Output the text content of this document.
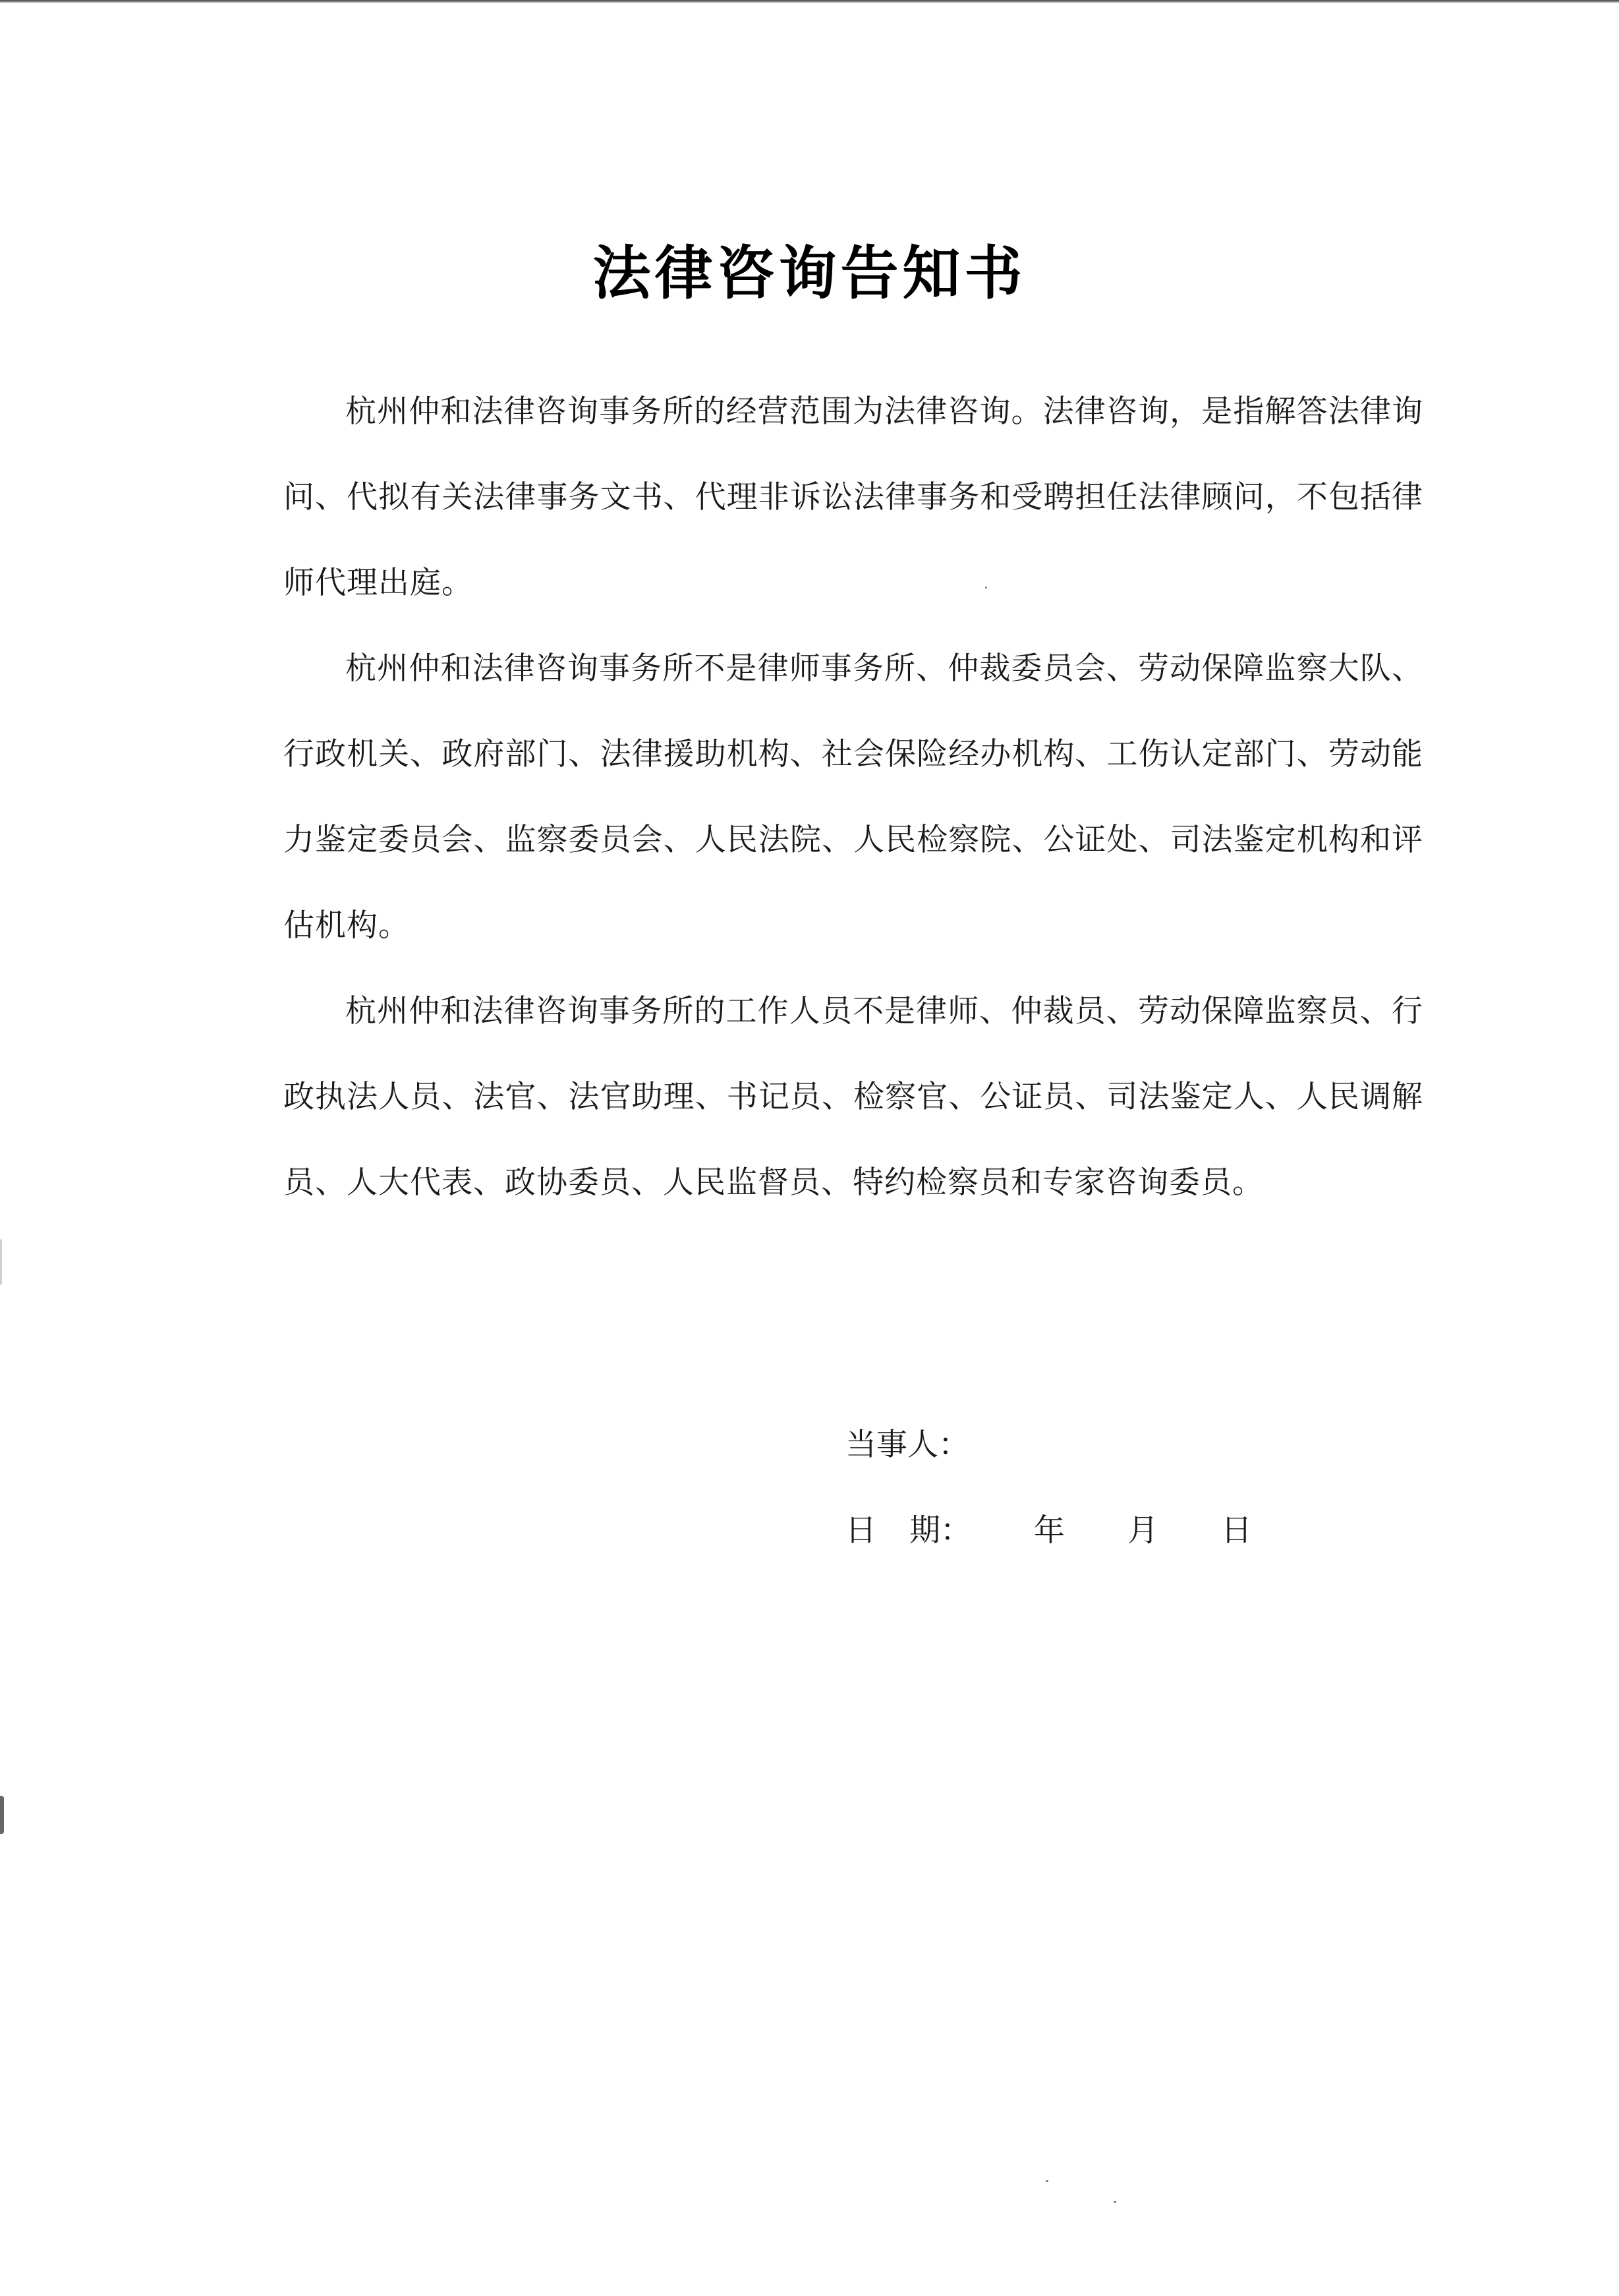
法律咨询告知书

杭州仲和法律咨询事务所的经营范围为法律咨询。法律咨询，是指解答法律询问、代拟有关法律事务文书、代理非诉讼法律事务和受聘担任法律顾问，不包括律师代理出庭。

杭州仲和法律咨询事务所不是律师事务所、仲裁委员会、劳动保障监察大队、行政机关、政府部门、法律援助机构、社会保险经办机构、工伤认定部门、劳动能力鉴定委员会、监察委员会、人民法院、人民检察院、公证处、司法鉴定机构和评估机构。

杭州仲和法律咨询事务所的工作人员不是律师、仲裁员、劳动保障监察员、行政执法人员、法官、法官助理、书记员、检察官、公证员、司法鉴定人、人民调解员、人大代表、政协委员、人民监督员、特约检察员和专家咨询委员。

当事人：
日 期： 年 月 日
